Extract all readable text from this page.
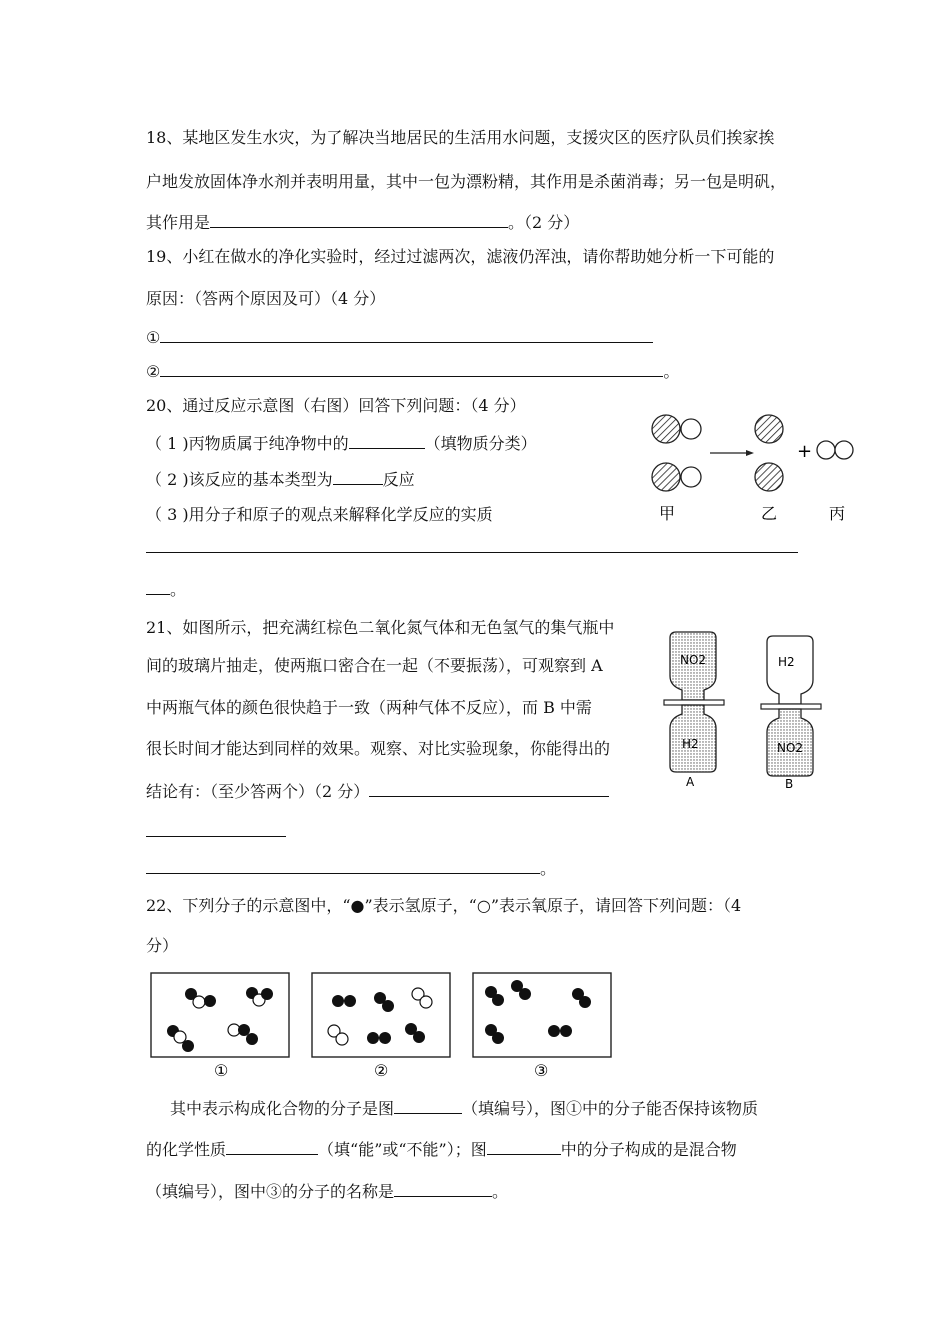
18、某地区发生水灾，为了解决当地居民的生活用水问题，支援灾区的医疗队员们挨家挨
户地发放固体净水剂并表明用量，其中一包为漂粉精，其作用是杀菌消毒；另一包是明矾，
其作用是	。（2 分）
19、小红在做水的净化实验时，经过过滤两次，滤液仍浑浊，请你帮助她分析一下可能的
原因：（答两个原因及可）（4 分）
①
②	。
20、通过反应示意图（右图）回答下列问题：（4 分）
（ 1 )丙物质属于纯净物中的	（填物质分类）
（ 2 )该反应的基本类型为	反应
（ 3 )用分子和原子的观点来解释化学反应的实质
。
+
甲	乙	丙
21、如图所示，把充满红棕色二氧化氮气体和无色氢气的集气瓶中
间的玻璃片抽走，使两瓶口密合在一起（不要振荡），可观察到 A
中两瓶气体的颜色很快趋于一致（两种气体不反应），而 B 中需
很长时间才能达到同样的效果。观察、对比实验现象，你能得出的
结论有：（至少答两个）（2 分）
。
NO2
H2
A
H2
NO2
B
22、下列分子的示意图中，“●”表示氢原子，“○”表示氧原子，请回答下列问题：（4
分）
①	②	③
其中表示构成化合物的分子是图	（填编号），图①中的分子能否保持该物质
的化学性质	（填“能”或“不能”）；图	中的分子构成的是混合物
（填编号），图中③的分子的名称是	。
